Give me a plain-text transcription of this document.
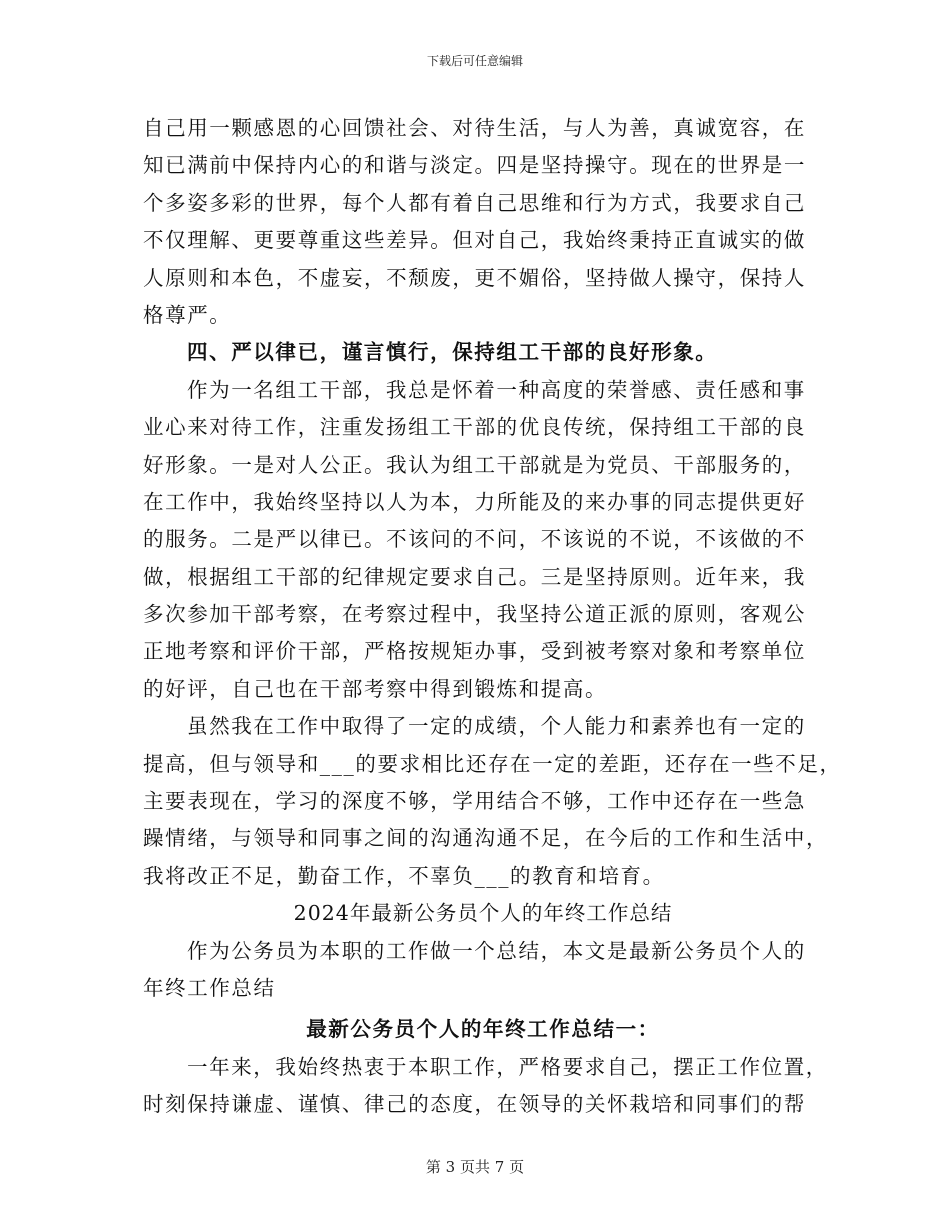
下载后可任意编辑
自己用一颗感恩的心回馈社会、对待生活，与人为善，真诚宽容，在
知已满前中保持内心的和谐与淡定。四是坚持操守。现在的世界是一
个多姿多彩的世界，每个人都有着自己思维和行为方式，我要求自己
不仅理解、更要尊重这些差异。但对自己，我始终秉持正直诚实的做
人原则和本色，不虚妄，不颓废，更不媚俗，坚持做人操守，保持人
格尊严。
四、严以律已，谨言慎行，保持组工干部的良好形象。
作为一名组工干部，我总是怀着一种高度的荣誉感、责任感和事
业心来对待工作，注重发扬组工干部的优良传统，保持组工干部的良
好形象。一是对人公正。我认为组工干部就是为党员、干部服务的，
在工作中，我始终坚持以人为本，力所能及的来办事的同志提供更好
的服务。二是严以律已。不该问的不问，不该说的不说，不该做的不
做，根据组工干部的纪律规定要求自己。三是坚持原则。近年来，我
多次参加干部考察，在考察过程中，我坚持公道正派的原则，客观公
正地考察和评价干部，严格按规矩办事，受到被考察对象和考察单位
的好评，自己也在干部考察中得到锻炼和提高。
虽然我在工作中取得了一定的成绩，个人能力和素养也有一定的
提高，但与领导和___的要求相比还存在一定的差距，还存在一些不足，
主要表现在，学习的深度不够，学用结合不够，工作中还存在一些急
躁情绪，与领导和同事之间的沟通沟通不足，在今后的工作和生活中，
我将改正不足，勤奋工作，不辜负___的教育和培育。
2024年最新公务员个人的年终工作总结
作为公务员为本职的工作做一个总结，本文是最新公务员个人的
年终工作总结
最新公务员个人的年终工作总结一：
一年来，我始终热衷于本职工作，严格要求自己，摆正工作位置，
时刻保持谦虚、谨慎、律己的态度，在领导的关怀栽培和同事们的帮
第 3 页共 7 页
